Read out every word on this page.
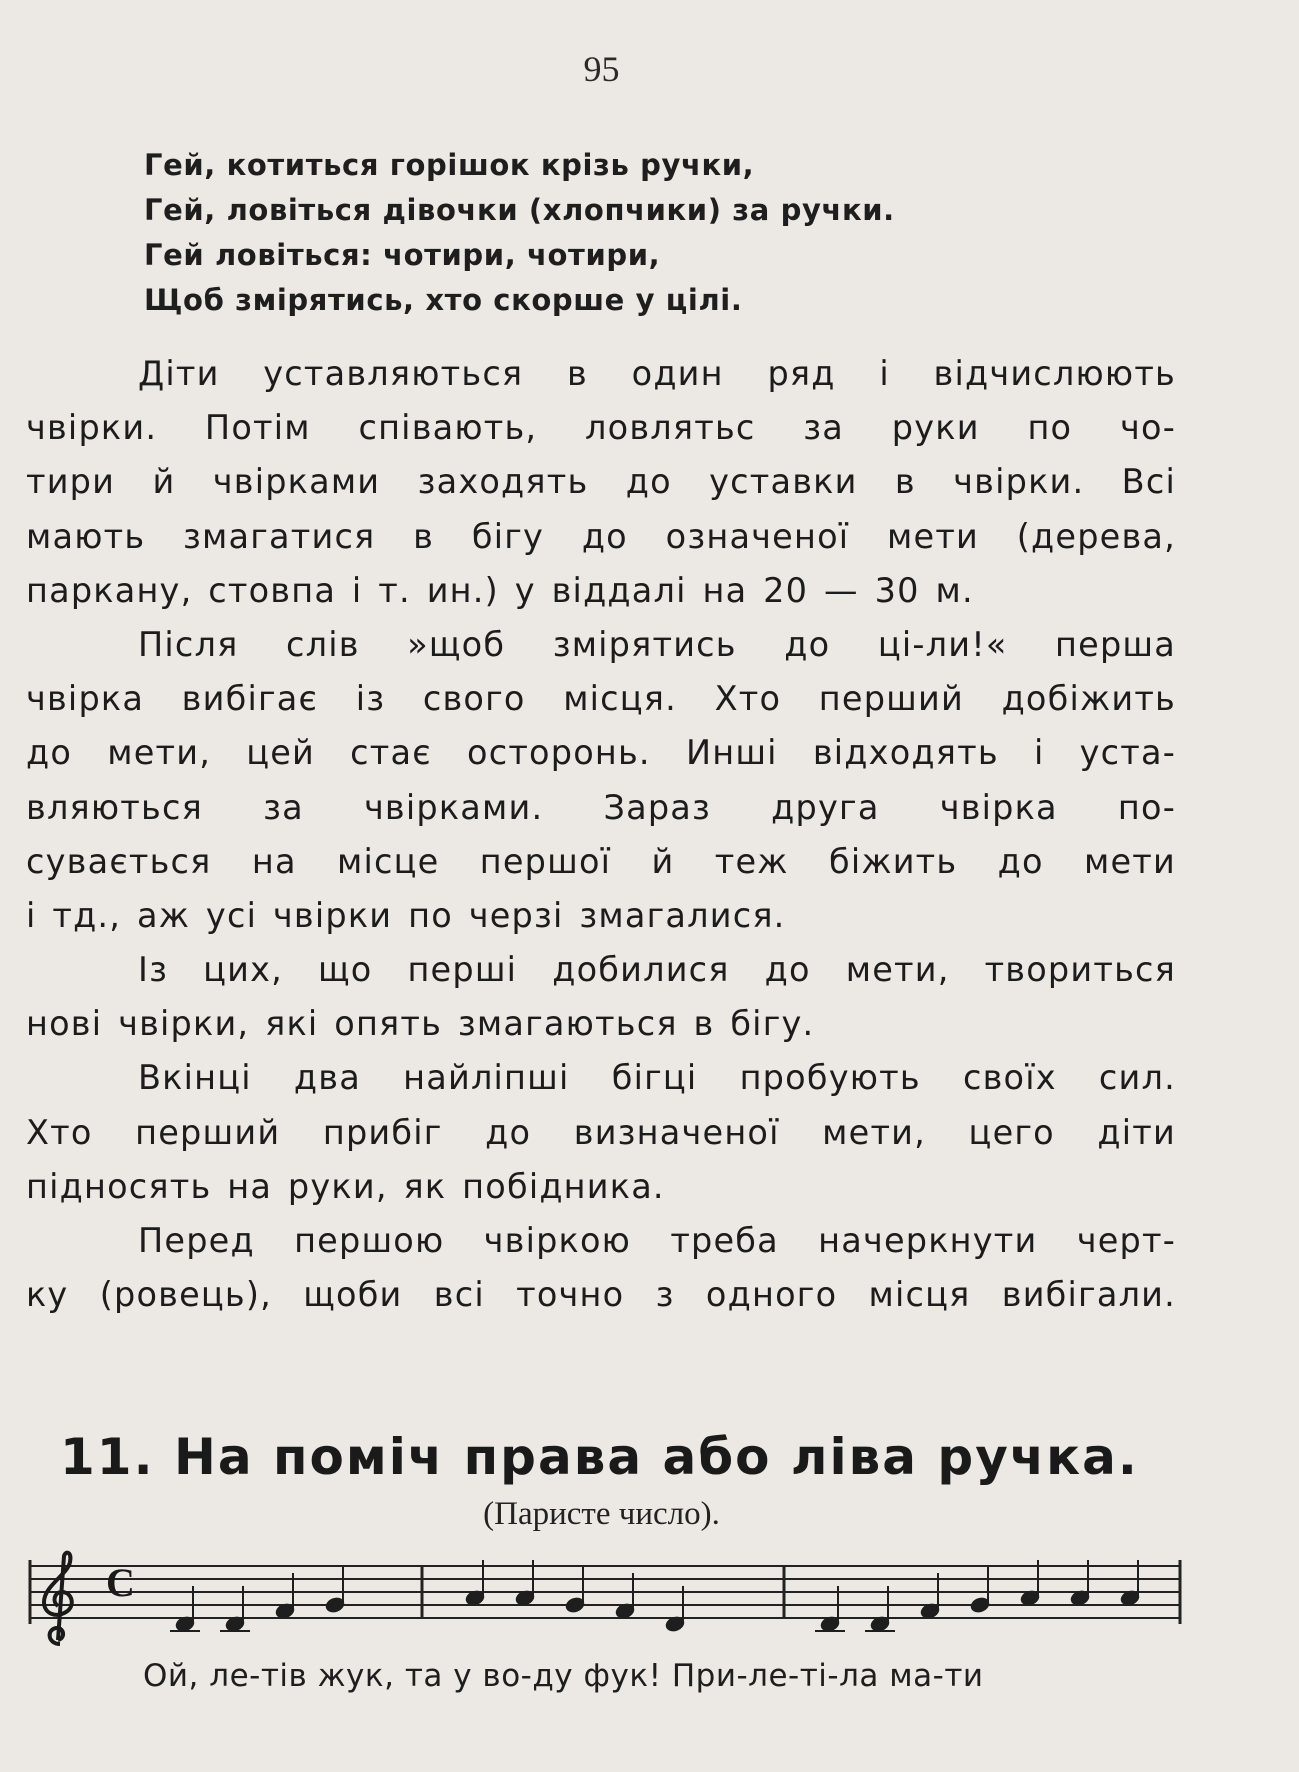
95
Гей, котиться горішок крізь ручки,
Гей, ловіться дівочки (хлопчики) за ручки.
Гей ловіться: чотири, чотири,
Щоб змірятись, хто скорше у цілі.
Діти уставляються в один ряд і відчислюють
чвірки. Потім співають, ловлятьс за руки по чо-
тири й чвірками заходять до уставки в чвірки. Всі
мають змагатися в бігу до означеної мети (дерева,
паркану, стовпа і т. ин.) у віддалі на 20 — 30 м.
Після слів »щоб змірятись до ці-ли!« перша
чвірка вибігає із свого місця. Хто перший добіжить
до мети, цей стає осторонь. Инші відходять і уста-
вляються за чвірками. Зараз друга чвірка по-
сувається на місце першої й теж біжить до мети
і тд., аж усі чвірки по черзі змагалися.
Із цих, що перші добилися до мети, твориться
нові чвірки, які опять змагаються в бігу.
Вкінці два найліпші бігці пробують своїх сил.
Хто перший прибіг до визначеної мети, цего діти
підносять на руки, як побідника.
Перед першою чвіркою треба начеркнути черт-
ку (ровець), щоби всі точно з одного місця вибігали.
11. На поміч права або ліва ручка.
(Паристе число).
C
Ой, ле-тів жук, та у во-ду фук! При-ле-ті-ла ма-ти
